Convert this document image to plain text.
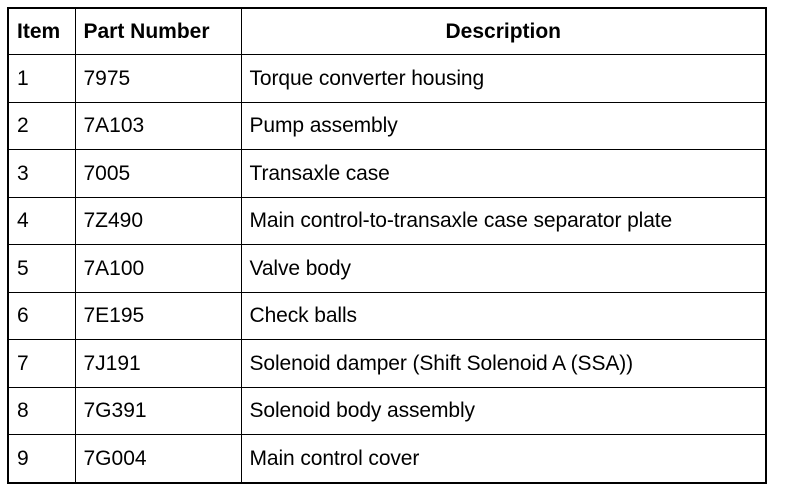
Item	Part Number	Description
1	7975	Torque converter housing
2	7A103	Pump assembly
3	7005	Transaxle case
4	7Z490	Main control-to-transaxle case separator plate
5	7A100	Valve body
6	7E195	Check balls
7	7J191	Solenoid damper (Shift Solenoid A (SSA))
8	7G391	Solenoid body assembly
9	7G004	Main control cover
